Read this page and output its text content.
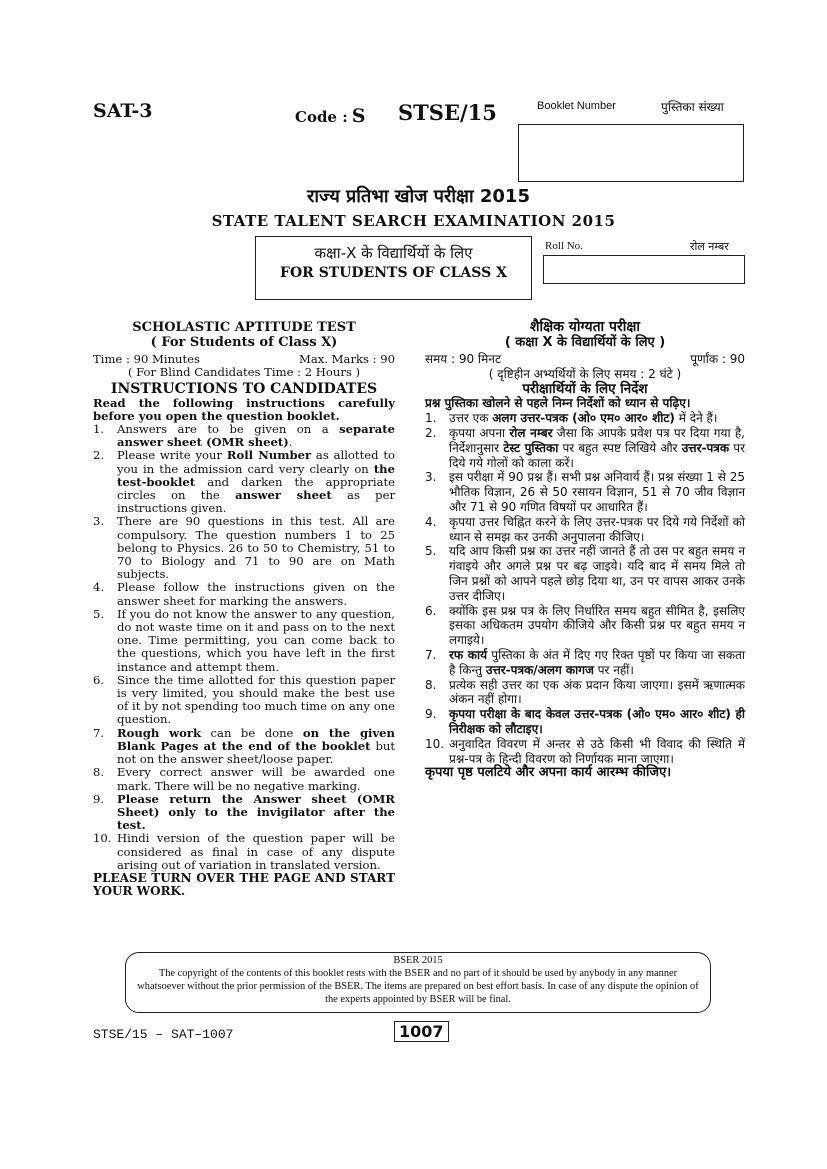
SAT-3	Code : S STSE/15	Booklet Number	पुस्तिका संख्या
राज्य प्रतिभा खोज परीक्षा 2015
STATE TALENT SEARCH EXAMINATION 2015
कक्षा-X के विद्यार्थियों के लिए
FOR STUDENTS OF CLASS X
Roll No.	रोल नम्बर
SCHOLASTIC APTITUDE TEST
( For Students of Class X)
Time : 90 Minutes	Max. Marks : 90
( For Blind Candidates Time : 2 Hours )
INSTRUCTIONS TO CANDIDATES
Read the following instructions carefully before you open the question booklet.
1.	Answers are to be given on a separate answer sheet (OMR sheet).
2.	Please write your Roll Number as allotted to you in the admission card very clearly on the test-booklet and darken the appropriate circles on the answer sheet as per instructions given.
3.	There are 90 questions in this test. All are compulsory. The question numbers 1 to 25 belong to Physics. 26 to 50 to Chemistry, 51 to 70 to Biology and 71 to 90 are on Math subjects.
4.	Please follow the instructions given on the answer sheet for marking the answers.
5.	If you do not know the answer to any question, do not waste time on it and pass on to the next one. Time permitting, you can come back to the questions, which you have left in the first instance and attempt them.
6.	Since the time allotted for this question paper is very limited, you should make the best use of it by not spending too much time on any one question.
7.	Rough work can be done on the given Blank Pages at the end of the booklet but not on the answer sheet/loose paper.
8.	Every correct answer will be awarded one mark. There will be no negative marking.
9.	Please return the Answer sheet (OMR Sheet) only to the invigilator after the test.
10. Hindi version of the question paper will be considered as final in case of any dispute arising out of variation in translated version.
PLEASE TURN OVER THE PAGE AND START YOUR WORK.
शैक्षिक योग्यता परीक्षा
( कक्षा X के विद्यार्थियों के लिए )
समय : 90 मिनट	पूर्णांक : 90
( दृष्टिहीन अभ्यर्थियों के लिए समय : 2 घंटे )
परीक्षार्थियों के लिए निर्देश
प्रश्न पुस्तिका खोलने से पहले निम्न निर्देशों को ध्यान से पढ़िए।
1.	उत्तर एक अलग उत्तर-पत्रक (ओ० एम० आर० शीट) में देने हैं।
2.	कृपया अपना रोल नम्बर जैसा कि आपके प्रवेश पत्र पर दिया गया है, निर्देशानुसार टेस्ट पुस्तिका पर बहुत स्पष्ट लिखिये और उत्तर-पत्रक पर दिये गये गोलों को काला करें।
3.	इस परीक्षा में 90 प्रश्न हैं। सभी प्रश्न अनिवार्य हैं। प्रश्न संख्या 1 से 25 भौतिक विज्ञान, 26 से 50 रसायन विज्ञान, 51 से 70 जीव विज्ञान और 71 से 90 गणित विषयों पर आधारित हैं।
4.	कृपया उत्तर चिह्नित करने के लिए उत्तर-पत्रक पर दिये गये निर्देशों को ध्यान से समझ कर उनकी अनुपालना कीजिए।
5.	यदि आप किसी प्रश्न का उत्तर नहीं जानते हैं तो उस पर बहुत समय न गंवाइये और अगले प्रश्न पर बढ़ जाइये। यदि बाद में समय मिले तो जिन प्रश्नों को आपने पहले छोड़ दिया था, उन पर वापस आकर उनके उत्तर दीजिए।
6.	क्योंकि इस प्रश्न पत्र के लिए निर्धारित समय बहुत सीमित है, इसलिए इसका अधिकतम उपयोग कीजिये और किसी प्रश्न पर बहुत समय न लगाइये।
7.	रफ कार्य पुस्तिका के अंत में दिए गए रिक्त पृष्ठों पर किया जा सकता है किन्तु उत्तर-पत्रक/अलग कागज पर नहीं।
8.	प्रत्येक सही उत्तर का एक अंक प्रदान किया जाएगा। इसमें ऋणात्मक अंकन नहीं होगा।
9.	कृपया परीक्षा के बाद केवल उत्तर-पत्रक (ओ० एम० आर० शीट) ही निरीक्षक को लौटाइए।
10. अनुवादित विवरण में अन्तर से उठे किसी भी विवाद की स्थिति में प्रश्न-पत्र के हिन्दी विवरण को निर्णायक माना जाएगा।
कृपया पृष्ठ पलटिये और अपना कार्य आरम्भ कीजिए।
BSER 2015
The copyright of the contents of this booklet rests with the BSER and no part of it should be used by anybody in any manner whatsoever without the prior permission of the BSER. The items are prepared on best effort basis. In case of any dispute the opinion of the experts appointed by BSER will be final.
STSE/15 – SAT–1007	1007
